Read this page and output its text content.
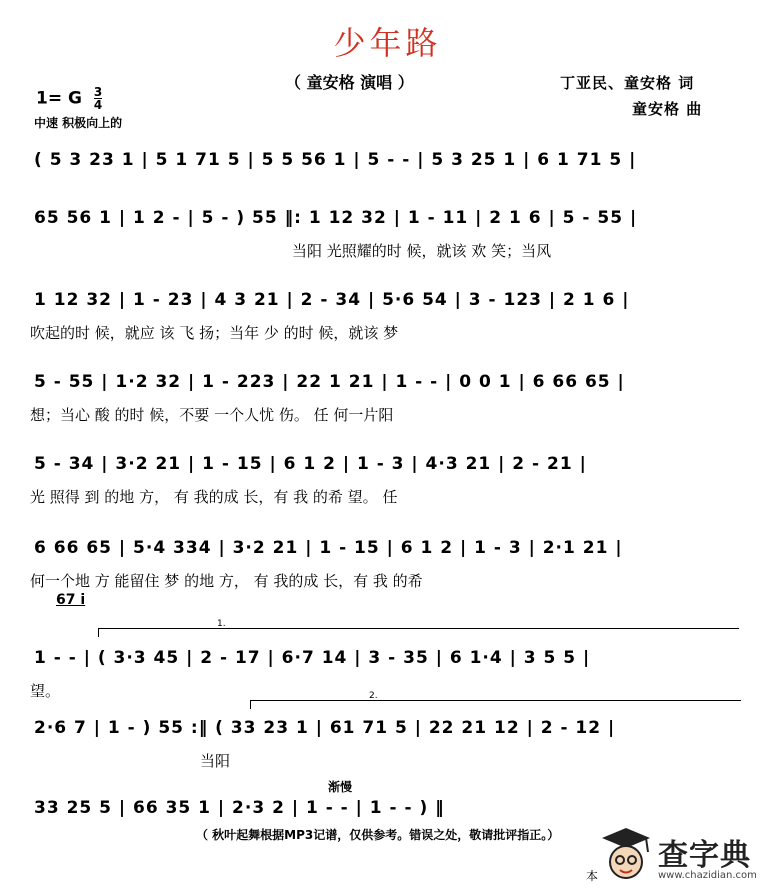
少年路
（ 童安格 演唱 ）
1= G $\frac{3}{4}$
中速 积极向上的
丁亚民、童安格 词
童安格 曲
( 5 3 23 1 | 5 1 71 5 | 5 5 56 1 | 5 - - | 5 3 25 1 | 6 1 71 5 |
65 56 1 | 1 2 - | 5 - ) 55 ‖: 1 12 32 | 1 - 11 | 2 1 6 | 5 - 55 |
当阳 光照耀的时 候，就该 欢 笑；当风
1 12 32 | 1 - 23 | 4 3 21 | 2 - 34 | 5·6 54 | 3 - 123 | 2 1 6 |
吹起的时 候，就应 该 飞 扬；当年 少 的时 候，就该 梦
5 - 55 | 1·2 32 | 1 - 223 | 22 1 21 | 1 - - | 0 0 1 | 6 66 65 |
想；当心 酸 的时 候，不要 一个人忧 伤。 任 何一片阳
5 - 34 | 3·2 21 | 1 - 15 | 6 1 2 | 1 - 3 | 4·3 21 | 2 - 21 |
光 照得 到 的地 方， 有 我的成 长，有 我 的希 望。 任
6 66 65 | 5·4 334 | 3·2 21 | 1 - 15 | 6 1 2 | 1 - 3 | 2·1 21 |
何一个地 方 能留住 梦 的地 方， 有 我的成 长，有 我 的希
67 i
1.
1 - - | ( 3·3 45 | 2 - 17 | 6·7 14 | 3 - 35 | 6 1·4 | 3 5 5 |
望。	2.
2·6 7 | 1 - ) 55 :‖ ( 33 23 1 | 61 71 5 | 22 21 12 | 2 - 12 |
当阳
渐慢
33 25 5 | 66 35 1 | 2·3 2 | 1 - - | 1 - - ) ‖
（ 秋叶起舞根据MP3记谱，仅供参考。错误之处，敬请批评指正。）
本
查字典
www.chazidian.com
